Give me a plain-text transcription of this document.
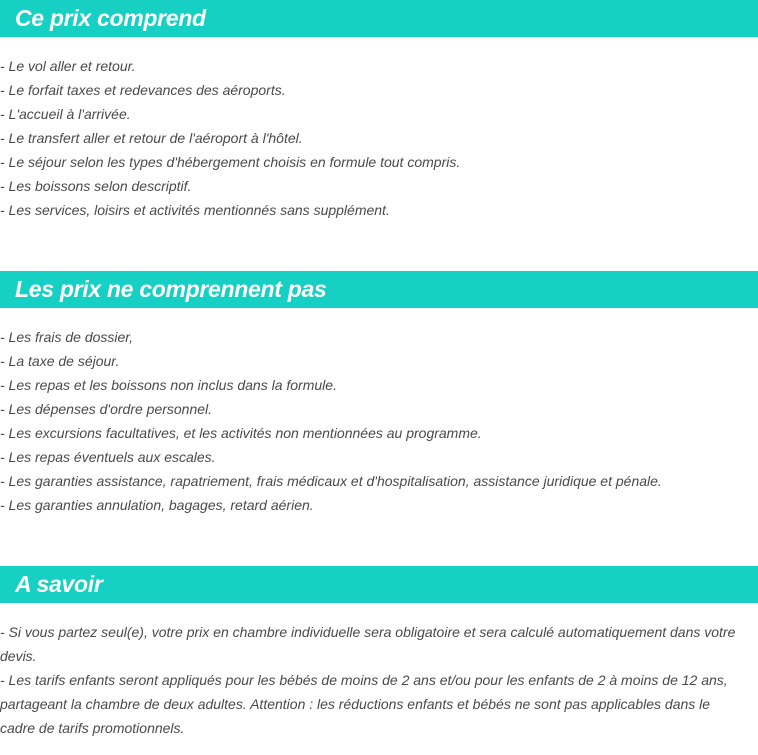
Ce prix comprend
- Le vol aller et retour.
- Le forfait taxes et redevances des aéroports.
- L'accueil à l'arrivée.
- Le transfert aller et retour de l'aéroport à l'hôtel.
- Le séjour selon les types d'hébergement choisis en formule tout compris.
- Les boissons selon descriptif.
- Les services, loisirs et activités mentionnés sans supplément.
Les prix ne comprennent pas
- Les frais de dossier,
- La taxe de séjour.
- Les repas et les boissons non inclus dans la formule.
- Les dépenses d'ordre personnel.
- Les excursions facultatives, et les activités non mentionnées au programme.
- Les repas éventuels aux escales.
- Les garanties assistance, rapatriement, frais médicaux et d'hospitalisation, assistance juridique et pénale.
- Les garanties annulation, bagages, retard aérien.
A savoir
- Si vous partez seul(e), votre prix en chambre individuelle sera obligatoire et sera calculé automatiquement dans votre devis.
- Les tarifs enfants seront appliqués pour les bébés de moins de 2 ans et/ou pour les enfants de 2 à moins de 12 ans, partageant la chambre de deux adultes. Attention : les réductions enfants et bébés ne sont pas applicables dans le cadre de tarifs promotionnels.
